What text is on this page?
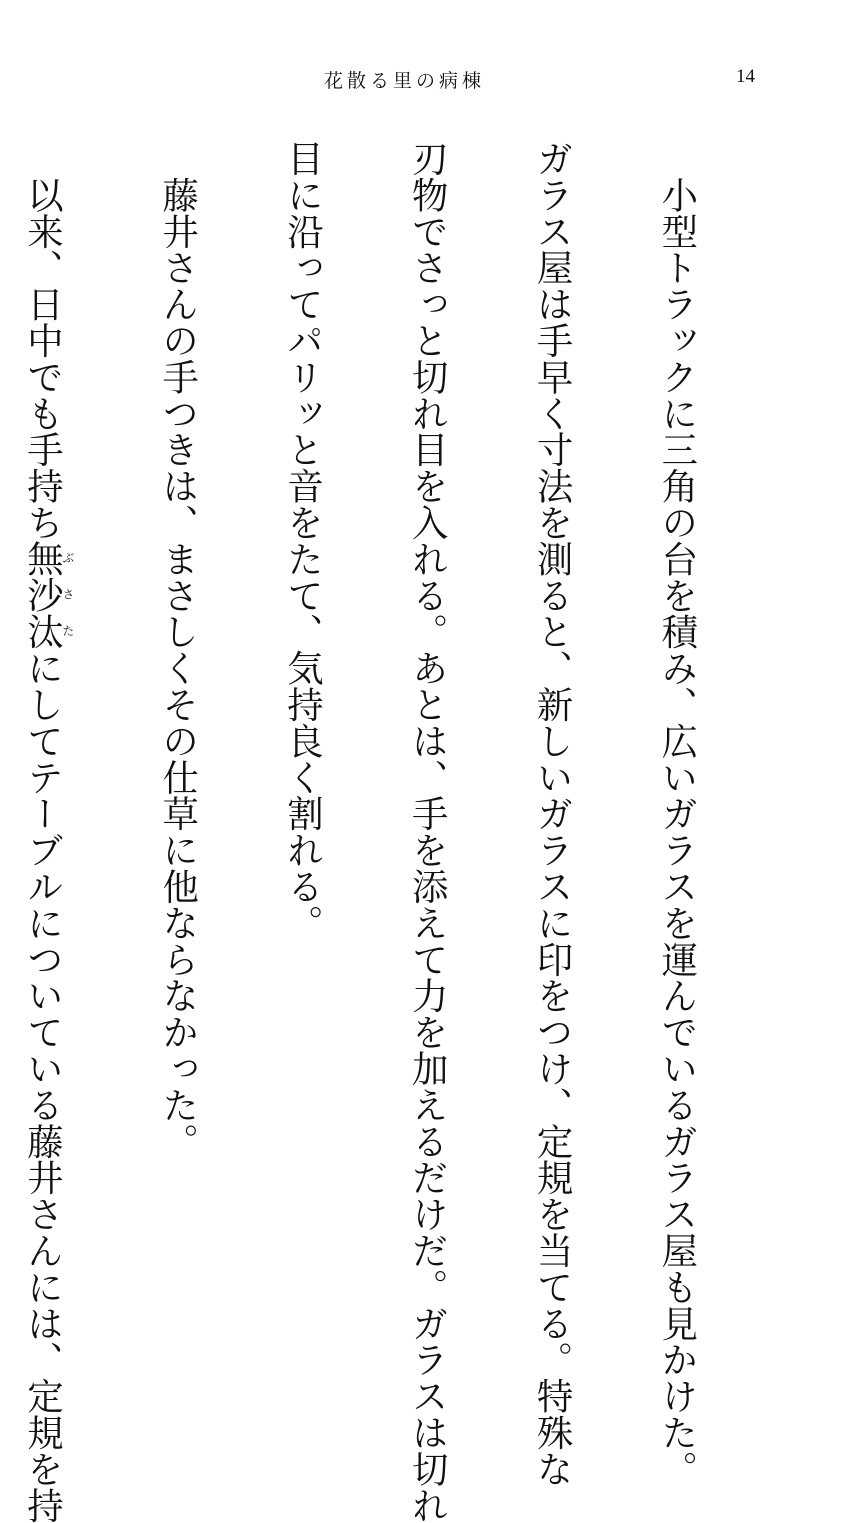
花散る里の病棟	14

　小型トラックに三角の台を積み、広いガラスを運んでいるガラス屋も見かけた。

ガラス屋は手早く寸法を測ると、新しいガラスに印をつけ、定規を当てる。特殊な

刃物でさっと切れ目を入れる。あとは、手を添えて力を加えるだけだ。ガラスは切れ

目に沿ってパリッと音をたて、気持良く割れる。

　藤井さんの手つきは、まさしくその仕草に他ならなかった。

　以来、日中でも手持ち無沙汰ぶさたにしてテーブルについている藤井さんには、定規を持
